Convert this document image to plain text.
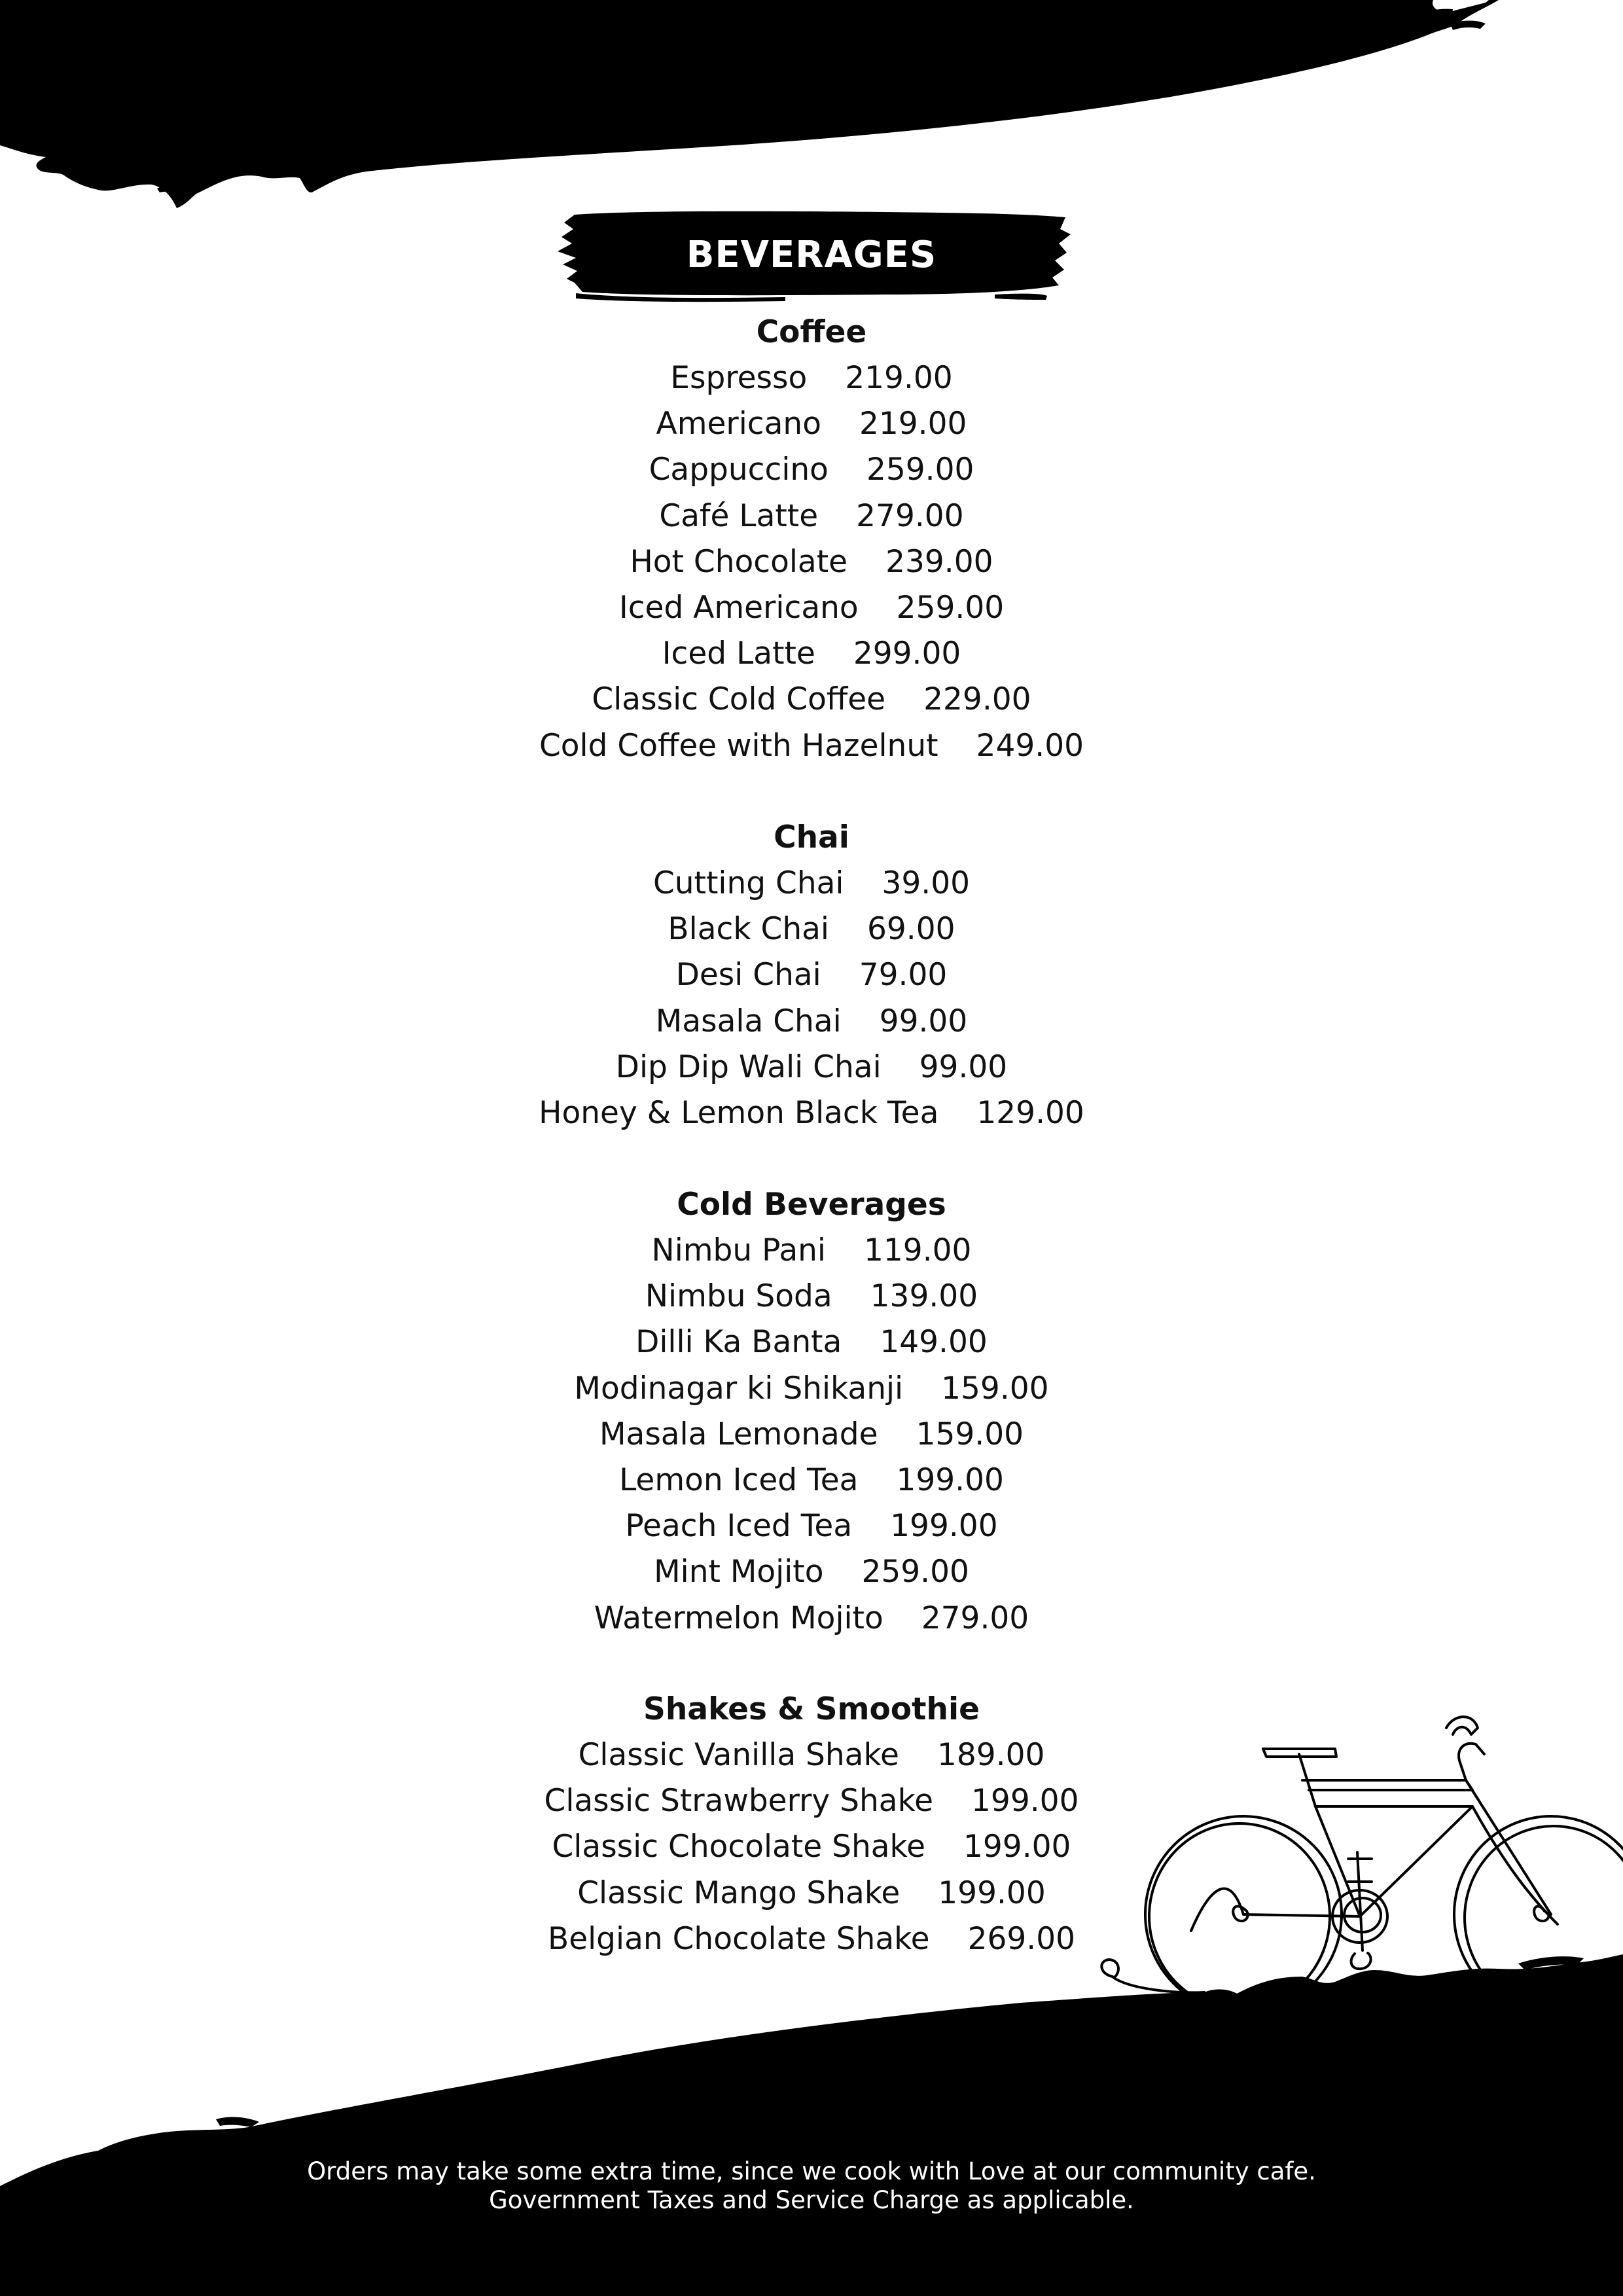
BEVERAGES
Coffee
Espresso 219.00
Americano 219.00
Cappuccino 259.00
Café Latte 279.00
Hot Chocolate 239.00
Iced Americano 259.00
Iced Latte 299.00
Classic Cold Coffee 229.00
Cold Coffee with Hazelnut 249.00
Chai
Cutting Chai 39.00
Black Chai 69.00
Desi Chai 79.00
Masala Chai 99.00
Dip Dip Wali Chai 99.00
Honey & Lemon Black Tea 129.00
Cold Beverages
Nimbu Pani 119.00
Nimbu Soda 139.00
Dilli Ka Banta 149.00
Modinagar ki Shikanji 159.00
Masala Lemonade 159.00
Lemon Iced Tea 199.00
Peach Iced Tea 199.00
Mint Mojito 259.00
Watermelon Mojito 279.00
Shakes & Smoothie
Classic Vanilla Shake 189.00
Classic Strawberry Shake 199.00
Classic Chocolate Shake 199.00
Classic Mango Shake 199.00
Belgian Chocolate Shake 269.00
Orders may take some extra time, since we cook with Love at our community cafe.
Government Taxes and Service Charge as applicable.
